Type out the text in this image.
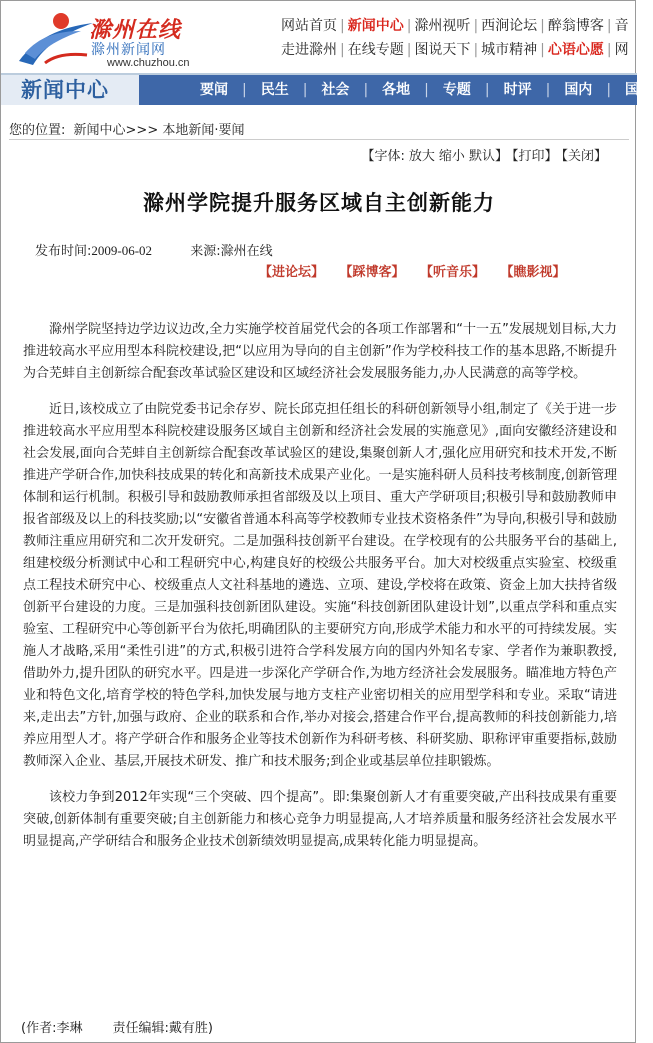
滁州在线
滁州新闻网
www.chuzhou.cn
网站首页 | 新闻中心 | 滁州视听 | 西涧论坛 | 醉翁博客 | 音
走进滁州 | 在线专题 | 图说天下 | 城市精神 | 心语心愿 | 网
新闻中心	要闻 | 民生 | 社会 | 各地 | 专题 | 时评 | 国内 | 国
您的位置: 新闻中心>>> 本地新闻·要闻
【字体: 放大 缩小 默认】 【打印】 【关闭】
滁州学院提升服务区域自主创新能力
发布时间:2009-06-02	来源:滁州在线
【进论坛】 【踩博客】 【听音乐】 【瞧影视】

滁州学院坚持边学边议边改,全力实施学校首届党代会的各项工作部署和“十一五”发展规划目标,大力推进较高水平应用型本科院校建设,把“以应用为导向的自主创新”作为学校科技工作的基本思路,不断提升为合芜蚌自主创新综合配套改革试验区建设和区域经济社会发展服务能力,办人民满意的高等学校。

近日,该校成立了由院党委书记余存岁、院长邱克担任组长的科研创新领导小组,制定了《关于进一步推进较高水平应用型本科院校建设服务区域自主创新和经济社会发展的实施意见》,面向安徽经济建设和社会发展,面向合芜蚌自主创新综合配套改革试验区的建设,集聚创新人才,强化应用研究和技术开发,不断推进产学研合作,加快科技成果的转化和高新技术成果产业化。一是实施科研人员科技考核制度,创新管理体制和运行机制。积极引导和鼓励教师承担省部级及以上项目、重大产学研项目;积极引导和鼓励教师申报省部级及以上的科技奖励;以“安徽省普通本科高等学校教师专业技术资格条件”为导向,积极引导和鼓励教师注重应用研究和二次开发研究。二是加强科技创新平台建设。在学校现有的公共服务平台的基础上,组建校级分析测试中心和工程研究中心,构建良好的校级公共服务平台。加大对校级重点实验室、校级重点工程技术研究中心、校级重点人文社科基地的遴选、立项、建设,学校将在政策、资金上加大扶持省级创新平台建设的力度。三是加强科技创新团队建设。实施“科技创新团队建设计划”,以重点学科和重点实验室、工程研究中心等创新平台为依托,明确团队的主要研究方向,形成学术能力和水平的可持续发展。实施人才战略,采用“柔性引进”的方式,积极引进符合学科发展方向的国内外知名专家、学者作为兼职教授,借助外力,提升团队的研究水平。四是进一步深化产学研合作,为地方经济社会发展服务。瞄准地方特色产业和特色文化,培育学校的特色学科,加快发展与地方支柱产业密切相关的应用型学科和专业。采取“请进来,走出去”方针,加强与政府、企业的联系和合作,举办对接会,搭建合作平台,提高教师的科技创新能力,培养应用型人才。将产学研合作和服务企业等技术创新作为科研考核、科研奖励、职称评审重要指标,鼓励教师深入企业、基层,开展技术研发、推广和技术服务;到企业或基层单位挂职锻炼。

该校力争到2012年实现“三个突破、四个提高”。即:集聚创新人才有重要突破,产出科技成果有重要突破,创新体制有重要突破;自主创新能力和核心竞争力明显提高,人才培养质量和服务经济社会发展水平明显提高,产学研结合和服务企业技术创新绩效明显提高,成果转化能力明显提高。

(作者:李琳 责任编辑:戴有胜)
